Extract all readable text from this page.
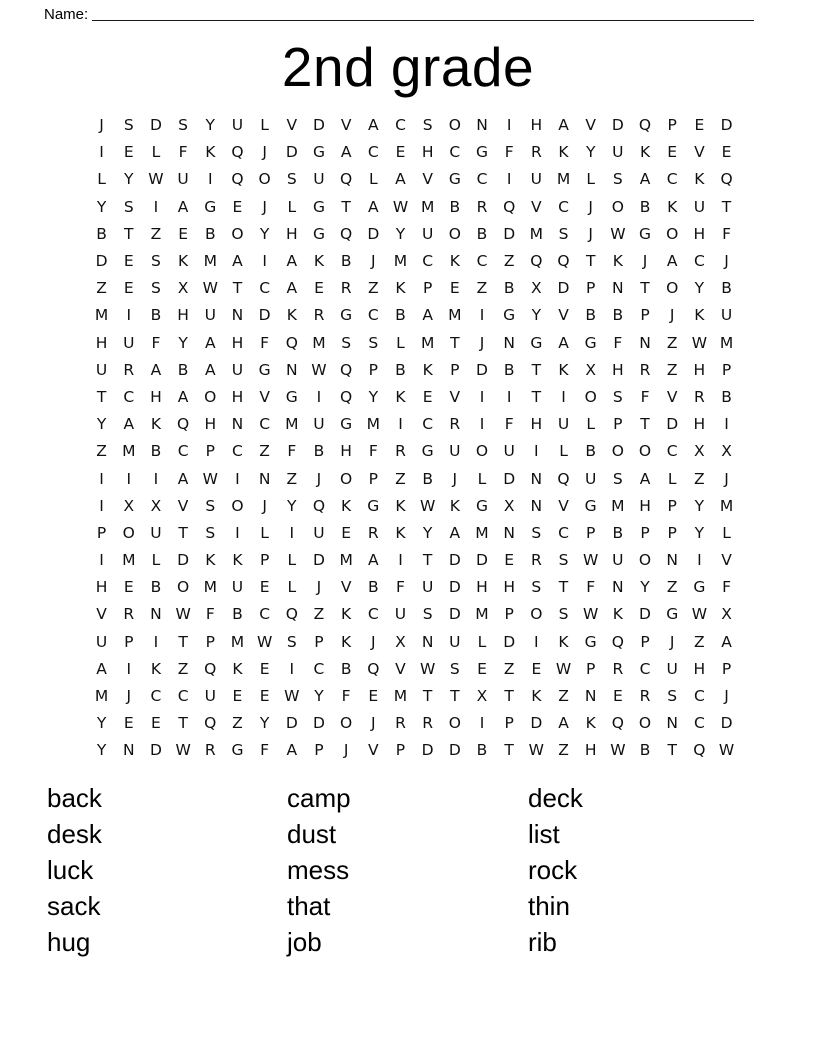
Name:
2nd grade
J	S	D	S	Y	U	L	V	D	V	A	C	S	O N	I	H	A	V	D Q	P	E	D
I	E	L	F	K	Q	J	D G	A	C	E	H	C	G	F	R	K	Y	U	K	E	V	E
L	Y W U	I	Q O	S	U Q	L	A	V	G	C	I	U M	L	S	A	C	K	Q
Y	S	I	A	G	E	J	L	G	T	A W M B	R	Q	V	C	J	O	B	K	U	T
B	T	Z	E	B	O	Y	H G Q D	Y	U O	B	D M	S	J	W G O H	F
D	E	S	K M A	I	A	K	B	J	M C	K	C	Z	Q Q	T	K	J	A	C	J
Z	E	S	X W T	C	A	E	R	Z	K	P	E	Z	B	X	D	P	N	T	O	Y	B
M	I	B	H	U	N D	K	R	G	C	B	A M	I	G	Y	V	B	B	P	J	K	U
H	U	F	Y	A	H	F	Q M	S	S	L	M	T	J	N G	A	G	F	N	Z W M
U	R	A	B	A	U G N W Q	P	B	K	P	D	B	T	K	X	H	R	Z	H	P
T	C	H	A	O H	V	G	I	Q	Y	K	E	V	I	I	T	I	O	S	F	V	R	B
Y	A	K	Q H	N	C M U G M	I	C	R	I	F	H	U	L	P	T	D H	I
Z M B	C	P	C	Z	F	B	H	F	R	G U O U	I	L	B	O O	C	X	X
I	I	I	A W	I	N	Z	J	O	P	Z	B	J	L	D N Q U	S	A	L	Z	J
I	X	X	V	S	O	J	Y	Q	K	G	K W K	G	X	N	V	G M H	P	Y	M
P	O U	T	S	I	L	I	U	E	R	K	Y	A M N	S	C	P	B	P	P	Y	L
I	M	L	D	K	K	P	L	D M A	I	T	D D	E	R	S W U O N	I	V
H	E	B	O M U	E	L	J	V	B	F	U	D H	H	S	T	F	N	Y	Z	G	F
V	R	N W F	B	C	Q	Z	K	C	U	S	D M	P	O	S W K	D G W X
U	P	I	T	P	M W S	P	K	J	X	N	U	L	D	I	K	G Q	P	J	Z	A
A	I	K	Z	Q	K	E	I	C	B	Q	V W S	E	Z	E W P	R	C	U	H	P
M	J	C	C	U	E	E W Y	F	E	M	T	T	X	T	K	Z	N	E	R	S	C	J
Y	E	E	T	Q	Z	Y	D D O	J	R	R	O	I	P	D	A	K	Q O N	C	D
Y	N D W R	G	F	A	P	J	V	P	D D	B	T W Z	H W B	T	Q W
back
desk
luck
sack
hug
camp
dust
mess
that
job
deck
list
rock
thin
rib
